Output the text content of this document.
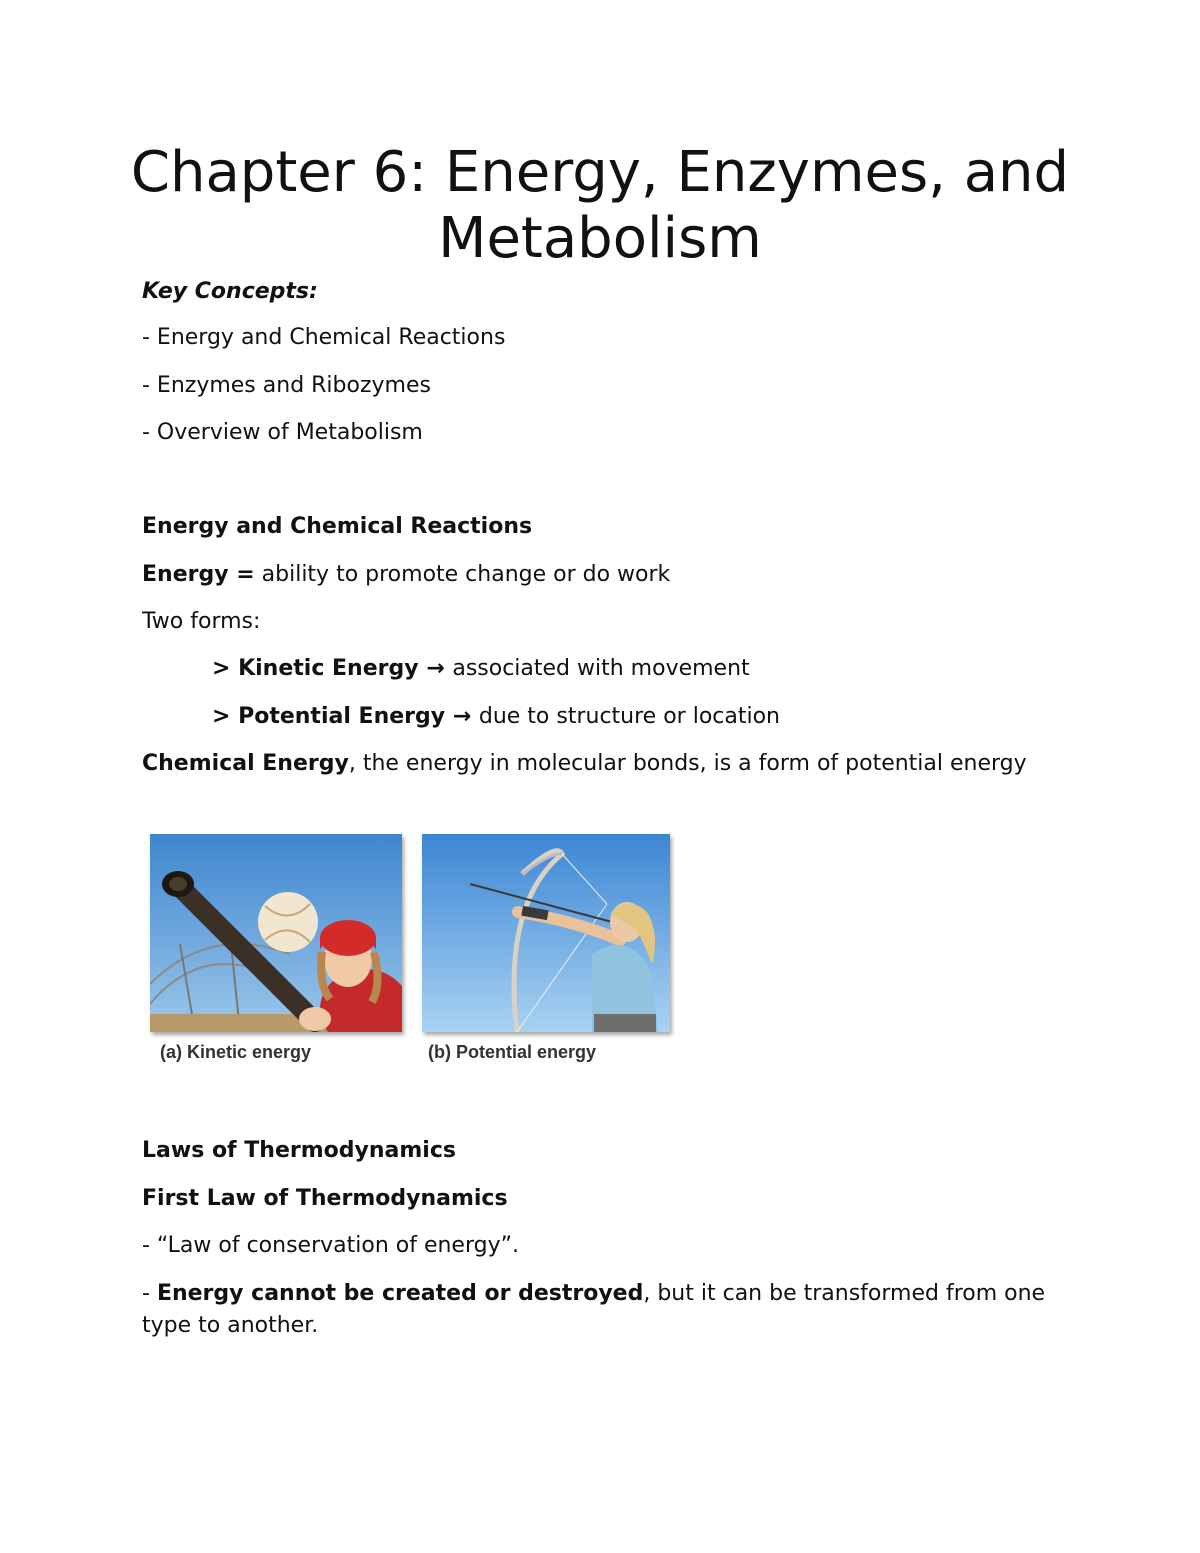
Chapter 6: Energy, Enzymes, and
Metabolism
Key Concepts:
- Energy and Chemical Reactions
- Enzymes and Ribozymes
- Overview of Metabolism
Energy and Chemical Reactions
Energy = ability to promote change or do work
Two forms:
> Kinetic Energy → associated with movement
> Potential Energy → due to structure or location
Chemical Energy, the energy in molecular bonds, is a form of potential energy
(a) Kinetic energy	(b) Potential energy
Laws of Thermodynamics
First Law of Thermodynamics
- “Law of conservation of energy”.
- Energy cannot be created or destroyed, but it can be transformed from one type to another.
